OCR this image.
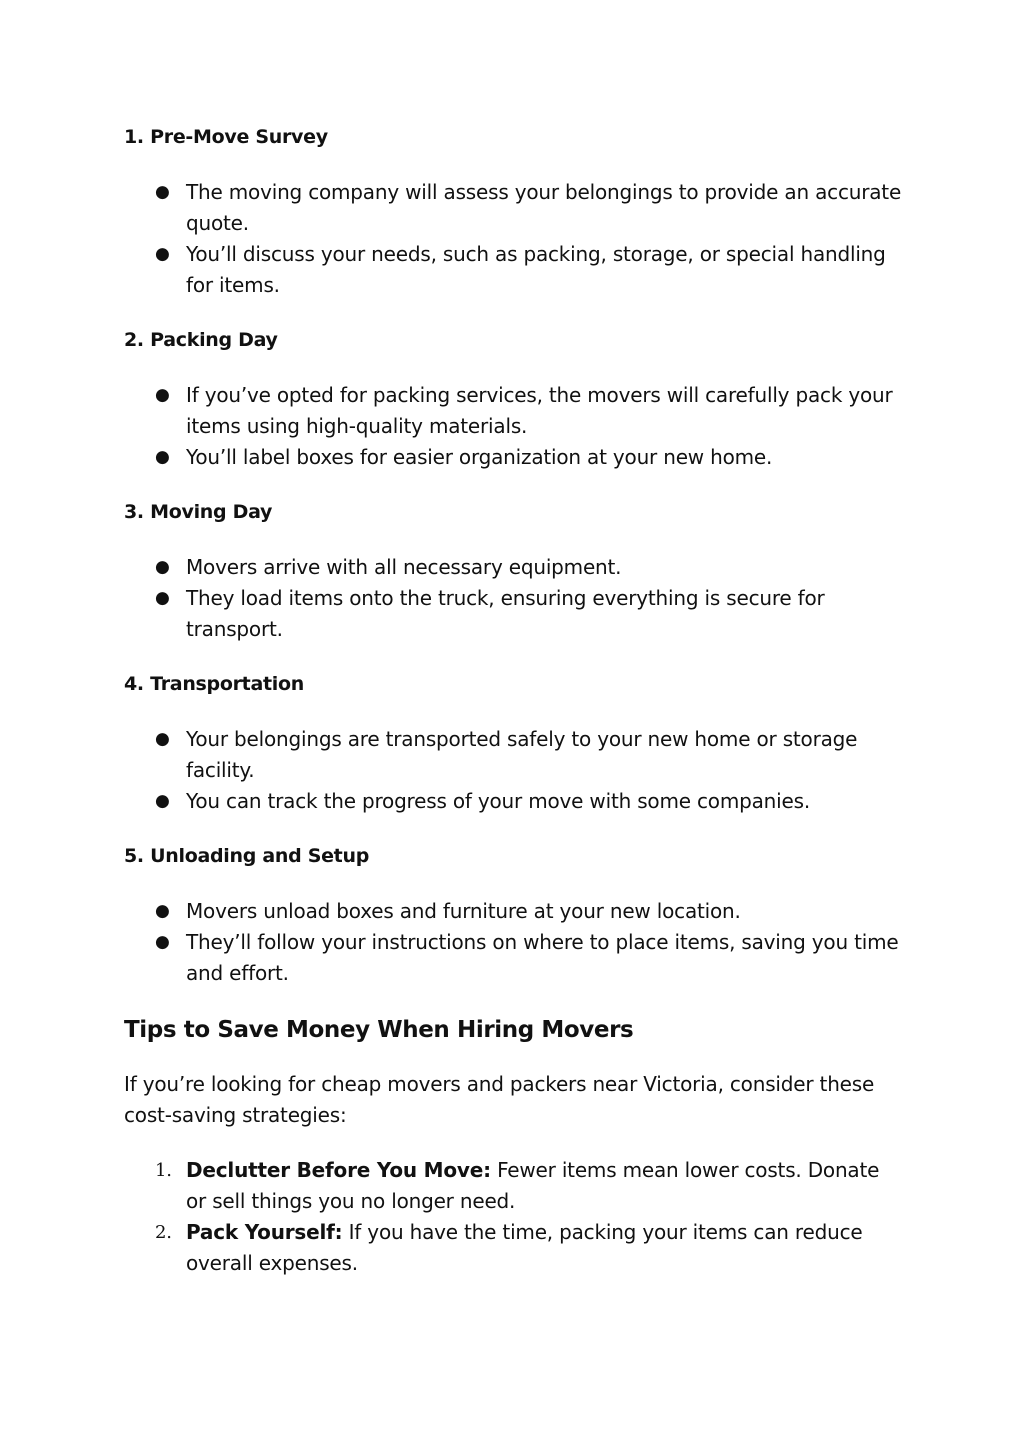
1. Pre-Move Survey
● The moving company will assess your belongings to provide an accurate quote.
● You’ll discuss your needs, such as packing, storage, or special handling for items.
2. Packing Day
● If you’ve opted for packing services, the movers will carefully pack your items using high-quality materials.
● You’ll label boxes for easier organization at your new home.
3. Moving Day
● Movers arrive with all necessary equipment.
● They load items onto the truck, ensuring everything is secure for transport.
4. Transportation
● Your belongings are transported safely to your new home or storage facility.
● You can track the progress of your move with some companies.
5. Unloading and Setup
● Movers unload boxes and furniture at your new location.
● They’ll follow your instructions on where to place items, saving you time and effort.
Tips to Save Money When Hiring Movers

If you’re looking for cheap movers and packers near Victoria, consider these cost-saving strategies:

1. Declutter Before You Move: Fewer items mean lower costs. Donate or sell things you no longer need.
2. Pack Yourself: If you have the time, packing your items can reduce overall expenses.
